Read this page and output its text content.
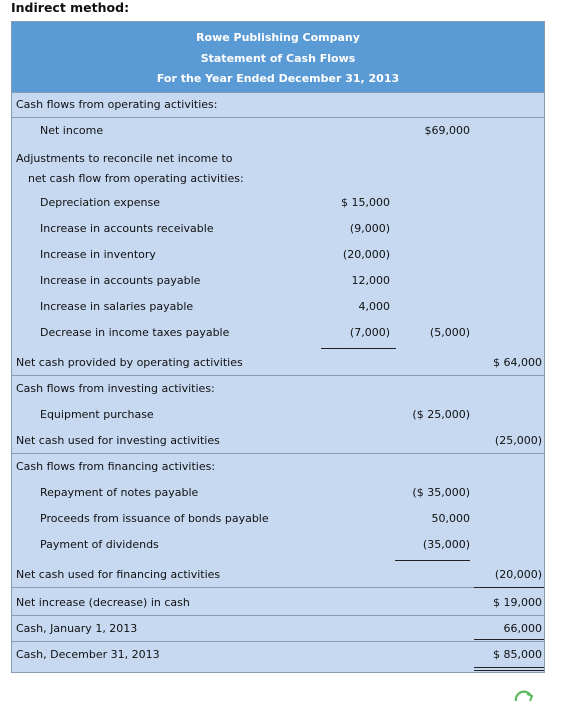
Indirect method:
Rowe Publishing Company
Statement of Cash Flows
For the Year Ended December 31, 2013
Cash flows from operating activities:
Net income	$69,000
Adjustments to reconcile net income to
net cash flow from operating activities:
Depreciation expense	$ 15,000
Increase in accounts receivable	(9,000)
Increase in inventory	(20,000)
Increase in accounts payable	12,000
Increase in salaries payable	4,000
Decrease in income taxes payable	(7,000)	(5,000)
Net cash provided by operating activities	$ 64,000
Cash flows from investing activities:
Equipment purchase	($ 25,000)
Net cash used for investing activities	(25,000)
Cash flows from financing activities:
Repayment of notes payable	($ 35,000)
Proceeds from issuance of bonds payable	50,000
Payment of dividends	(35,000)
Net cash used for financing activities	(20,000)
Net increase (decrease) in cash	$ 19,000
Cash, January 1, 2013	66,000
Cash, December 31, 2013	$ 85,000
